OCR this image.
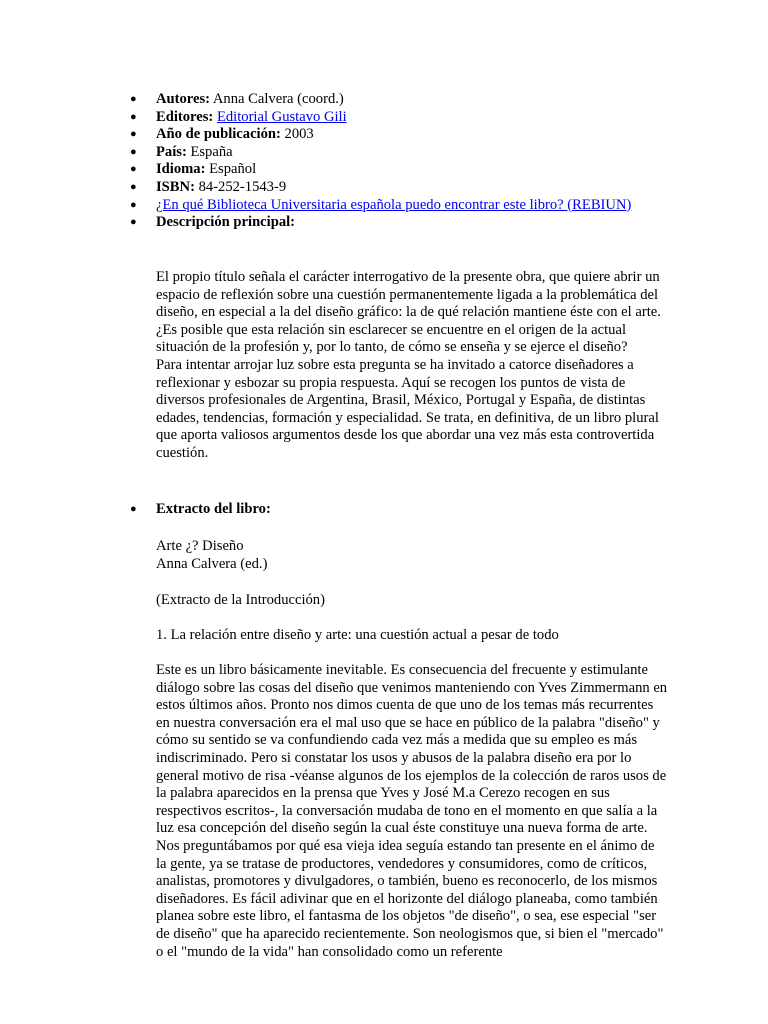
● Autores: Anna Calvera (coord.)
● Editores: Editorial Gustavo Gili
● Año de publicación: 2003
● País: España
● Idioma: Español
● ISBN: 84-252-1543-9
● ¿En qué Biblioteca Universitaria española puedo encontrar este libro? (REBIUN)
● Descripción principal:
El propio título señala el carácter interrogativo de la presente obra, que quiere abrir un espacio de reflexión sobre una cuestión permanentemente ligada a la problemática del diseño, en especial a la del diseño gráfico: la de qué relación mantiene éste con el arte. ¿Es posible que esta relación sin esclarecer se encuentre en el origen de la actual situación de la profesión y, por lo tanto, de cómo se enseña y se ejerce el diseño?
Para intentar arrojar luz sobre esta pregunta se ha invitado a catorce diseñadores a reflexionar y esbozar su propia respuesta. Aquí se recogen los puntos de vista de diversos profesionales de Argentina, Brasil, México, Portugal y España, de distintas edades, tendencias, formación y especialidad. Se trata, en definitiva, de un libro plural que aporta valiosos argumentos desde los que abordar una vez más esta controvertida cuestión.
● Extracto del libro:
Arte ¿? Diseño
Anna Calvera (ed.)
(Extracto de la Introducción)
1. La relación entre diseño y arte: una cuestión actual a pesar de todo
Este es un libro básicamente inevitable. Es consecuencia del frecuente y estimulante diálogo sobre las cosas del diseño que venimos manteniendo con Yves Zimmermann en estos últimos años. Pronto nos dimos cuenta de que uno de los temas más recurrentes en nuestra conversación era el mal uso que se hace en público de la palabra "diseño" y cómo su sentido se va confundiendo cada vez más a medida que su empleo es más indiscriminado. Pero si constatar los usos y abusos de la palabra diseño era por lo general motivo de risa -véanse algunos de los ejemplos de la colección de raros usos de la palabra aparecidos en la prensa que Yves y José M.a Cerezo recogen en sus respectivos escritos-, la conversación mudaba de tono en el momento en que salía a la luz esa concepción del diseño según la cual éste constituye una nueva forma de arte. Nos preguntábamos por qué esa vieja idea seguía estando tan presente en el ánimo de la gente, ya se tratase de productores, vendedores y consumidores, como de críticos, analistas, promotores y divulgadores, o también, bueno es reconocerlo, de los mismos diseñadores. Es fácil adivinar que en el horizonte del diálogo planeaba, como también planea sobre este libro, el fantasma de los objetos "de diseño", o sea, ese especial "ser de diseño" que ha aparecido recientemente. Son neologismos que, si bien el "mercado" o el "mundo de la vida" han consolidado como un referente
